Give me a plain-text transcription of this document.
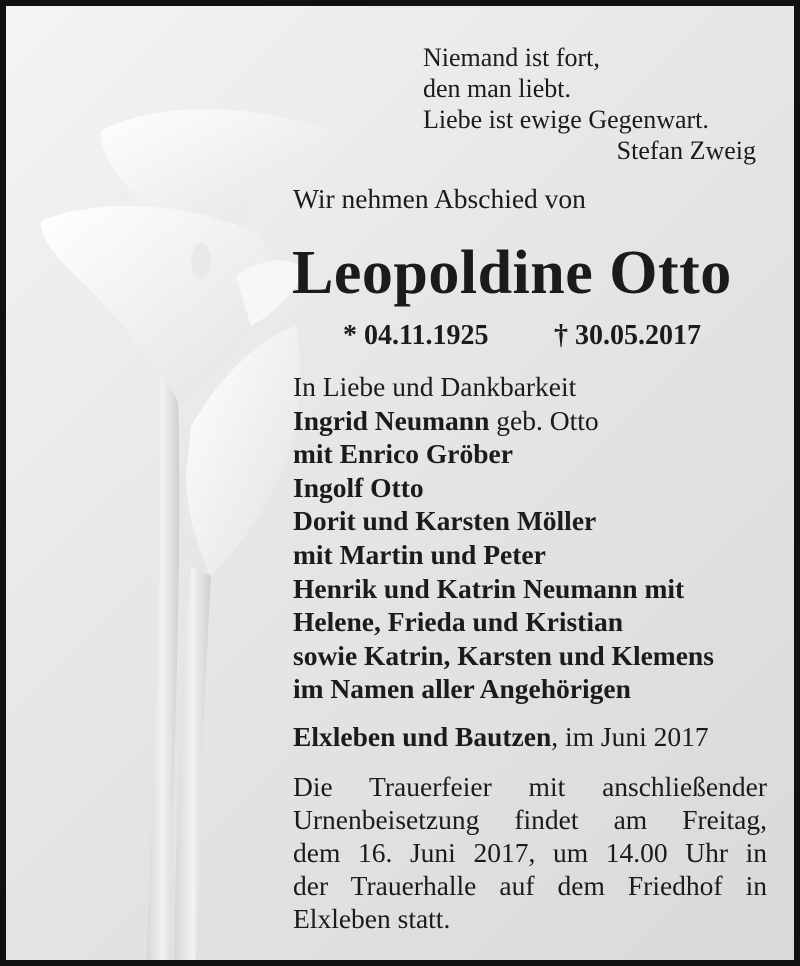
Niemand ist fort,
den man liebt.
Liebe ist ewige Gegenwart.
Stefan Zweig
Wir nehmen Abschied von
Leopoldine Otto
* 04.11.1925 † 30.05.2017
In Liebe und Dankbarkeit
Ingrid Neumann geb. Otto
mit Enrico Gröber
Ingolf Otto
Dorit und Karsten Möller
mit Martin und Peter
Henrik und Katrin Neumann mit
Helene, Frieda und Kristian
sowie Katrin, Karsten und Klemens
im Namen aller Angehörigen
Elxleben und Bautzen, im Juni 2017
Die Trauerfeier mit anschließender
Urnenbeisetzung findet am Freitag,
dem 16. Juni 2017, um 14.00 Uhr in
der Trauerhalle auf dem Friedhof in
Elxleben statt.
